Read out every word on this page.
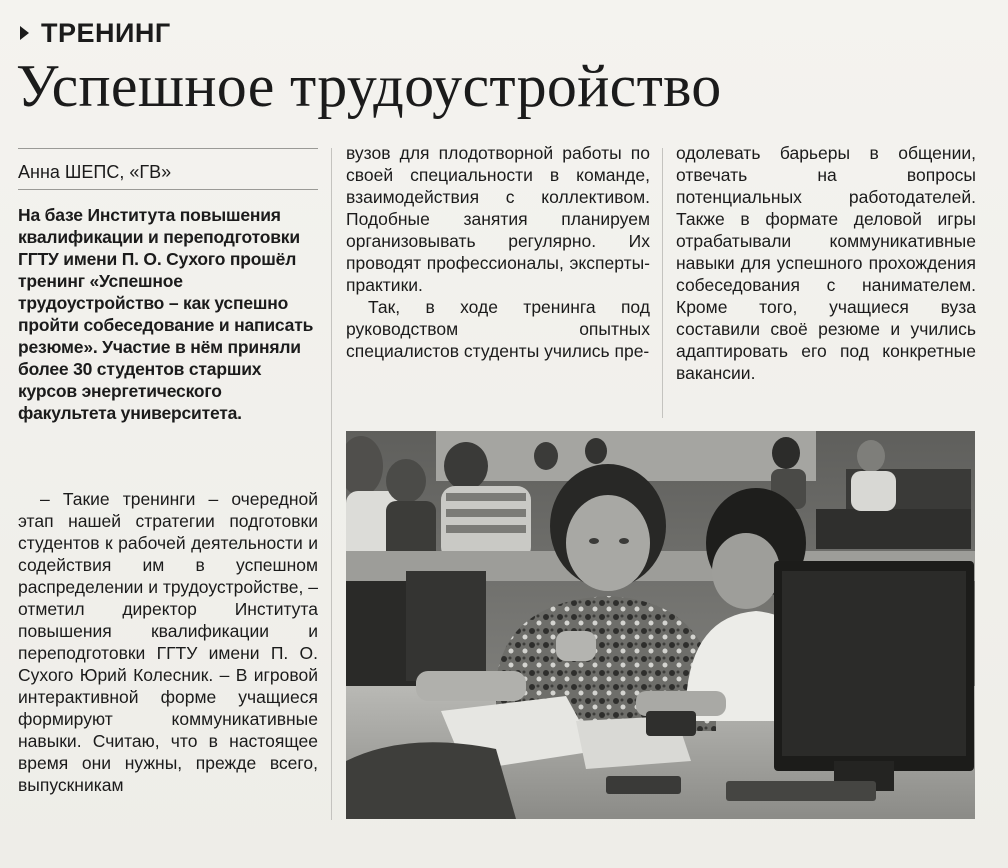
ТРЕНИНГ
Успешное трудоустройство
Анна ШЕПС, «ГВ»

На базе Института повышения квалификации и переподготовки ГГТУ имени П. О. Сухого прошёл тренинг «Успешное трудоустройство – как успешно пройти собеседование и написать резюме». Участие в нём приняли более 30 студентов старших курсов энергетического факультета университета.

– Такие тренинги – очередной этап нашей стратегии подготовки студентов к рабочей деятельности и содействия им в успешном распределении и трудоустройстве, – отметил директор Института повышения квалификации и переподготовки ГГТУ имени П. О. Сухого Юрий Колесник. – В игровой интерактивной форме учащиеся формируют коммуникативные навыки. Считаю, что в настоящее время они нужны, прежде всего, выпускникам

вузов для плодотворной работы по своей специальности в команде, взаимодействия с коллективом. Подобные занятия планируем организовывать регулярно. Их проводят профессионалы, эксперты-практики.

Так, в ходе тренинга под руководством опытных специалистов студенты учились пре-

одолевать барьеры в общении, отвечать на вопросы потенциальных работодателей. Также в формате деловой игры отрабатывали коммуникативные навыки для успешного прохождения собеседования с нанимателем. Кроме того, учащиеся вуза составили своё резюме и учились адаптировать его под конкретные вакансии.
